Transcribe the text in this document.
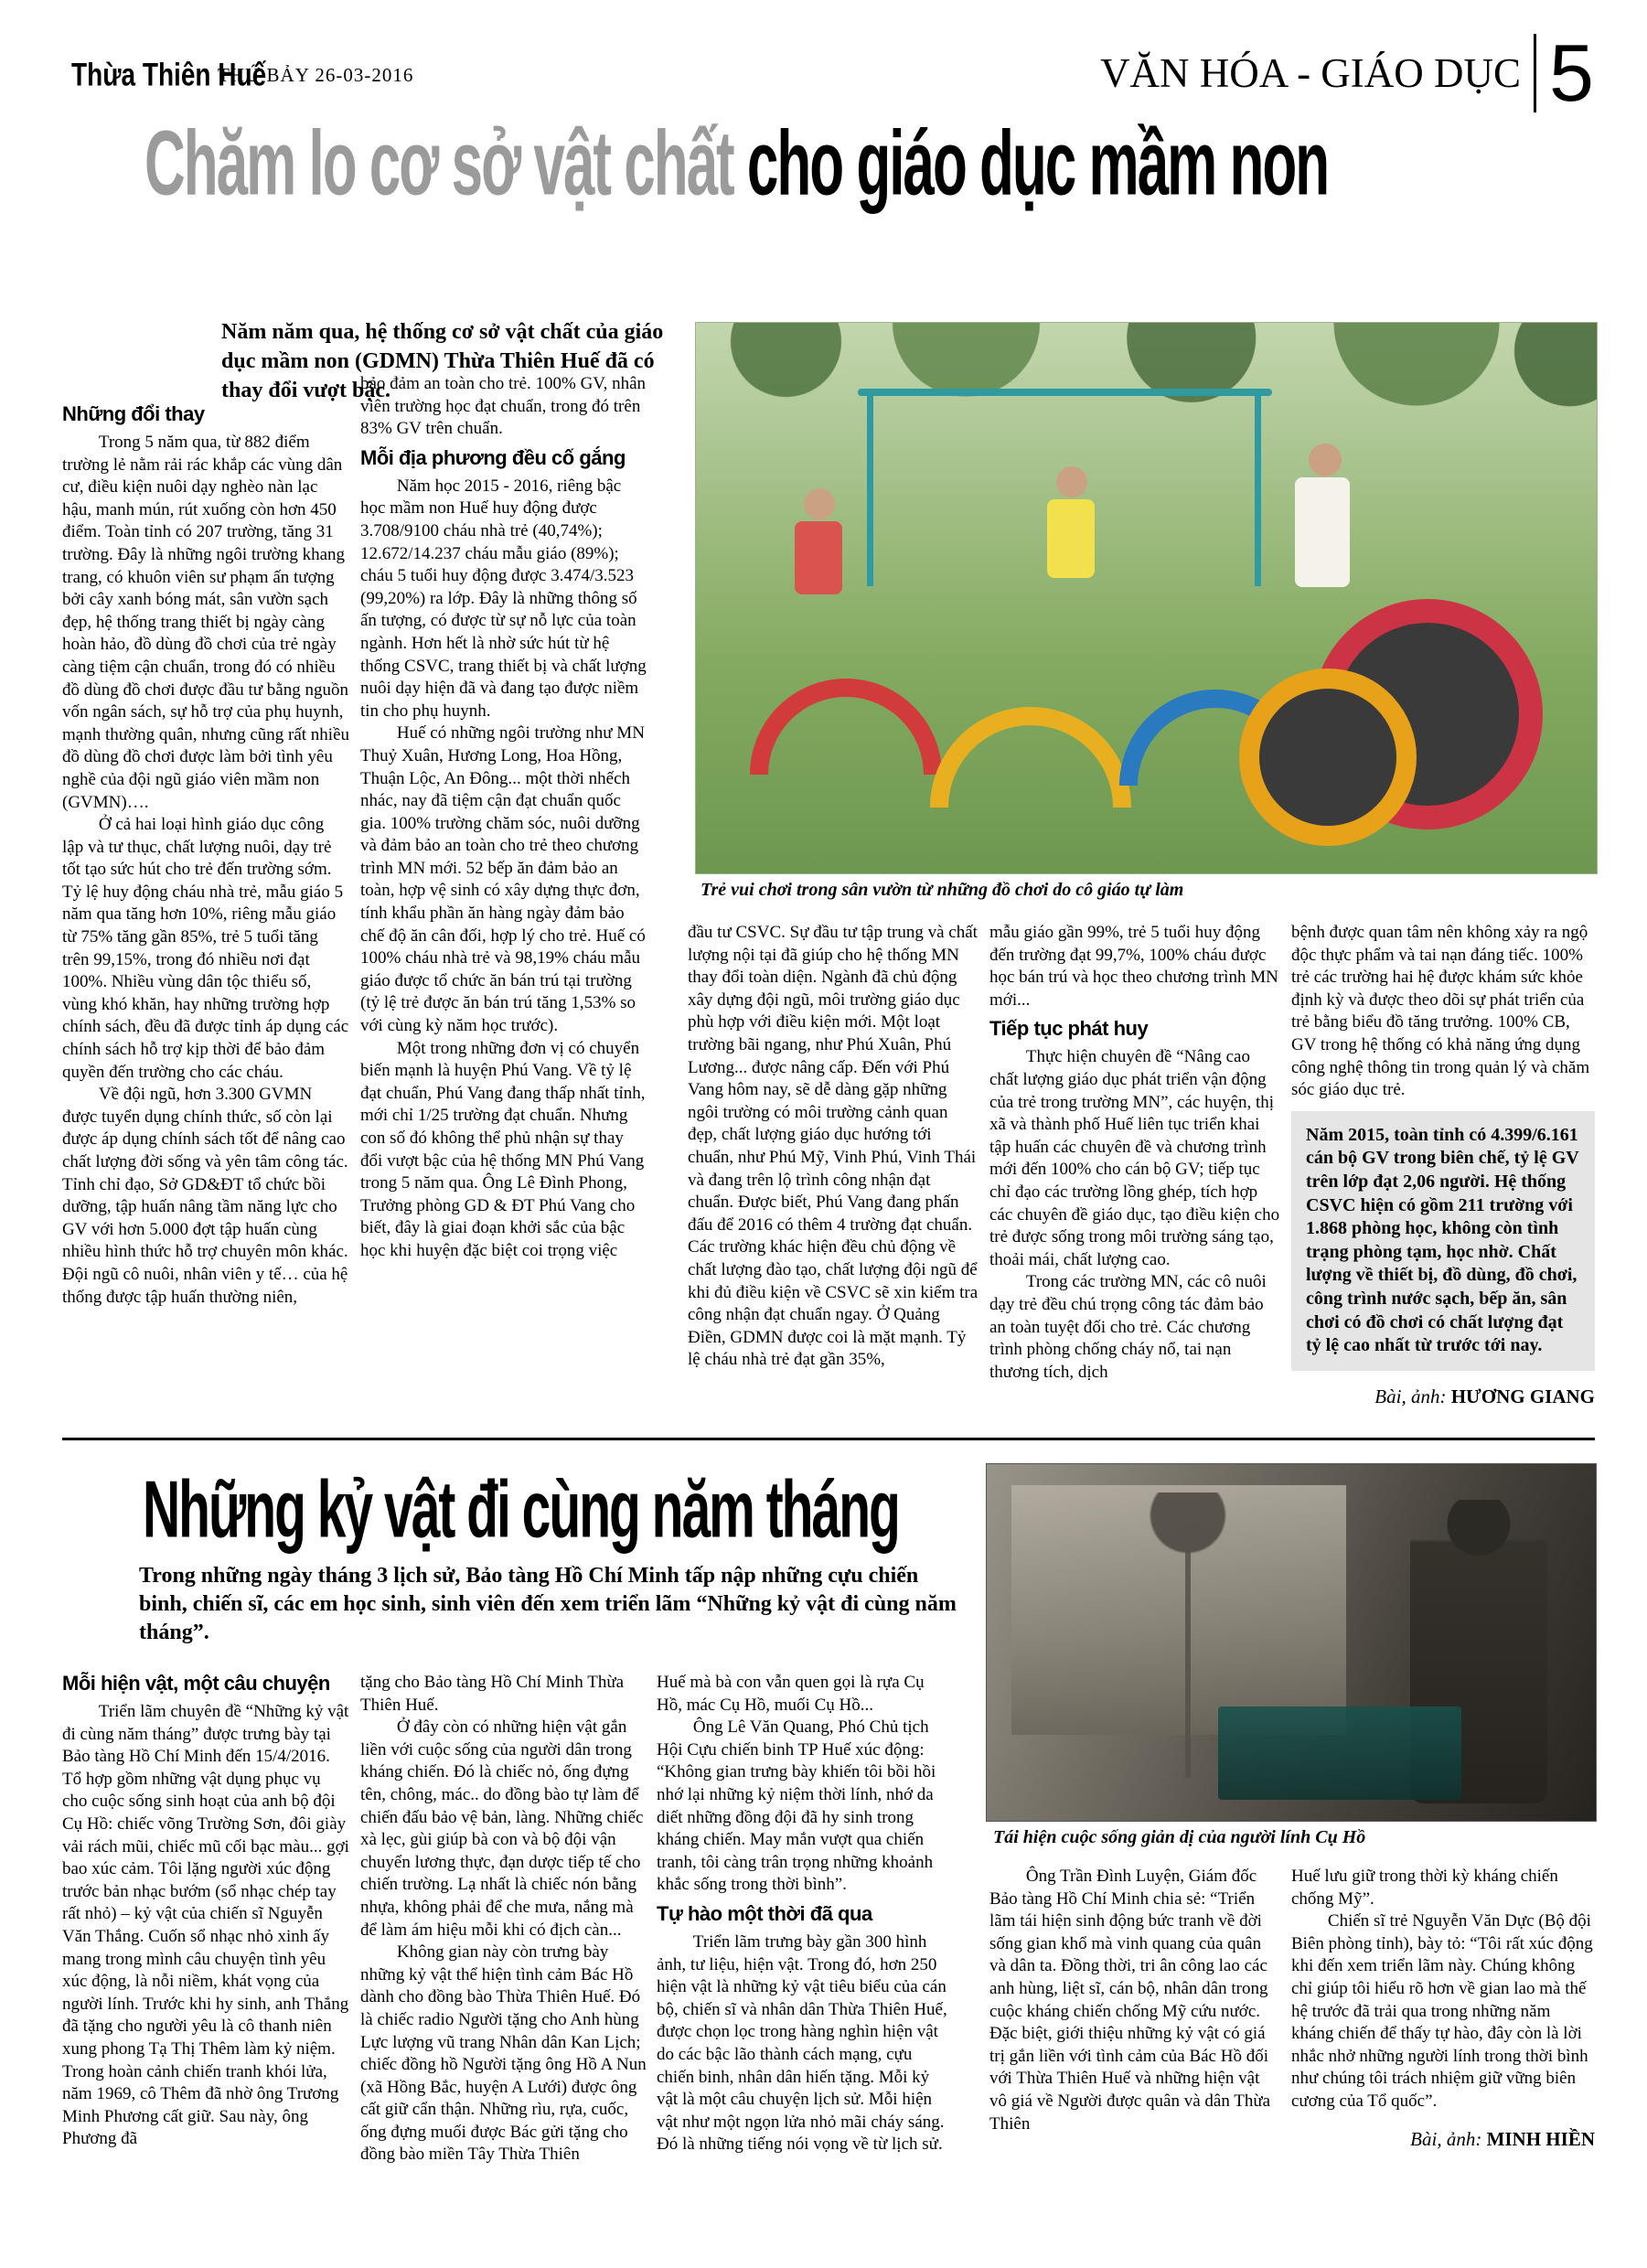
Thừa Thiên Huế
THỨ BẢY 26-03-2016	VĂN HÓA - GIÁO DỤC 5
Chăm lo cơ sở vật chất cho giáo dục mầm non
Năm năm qua, hệ thống cơ sở vật chất của giáo dục mầm non (GDMN) Thừa Thiên Huế đã có thay đổi vượt bậc.
Trẻ vui chơi trong sân vườn từ những đồ chơi do cô giáo tự làm
Những đổi thay

Trong 5 năm qua, từ 882 điểm trường lẻ nằm rải rác khắp các vùng dân cư, điều kiện nuôi dạy nghèo nàn lạc hậu, manh mún, rút xuống còn hơn 450 điểm. Toàn tỉnh có 207 trường, tăng 31 trường. Đây là những ngôi trường khang trang, có khuôn viên sư phạm ấn tượng bởi cây xanh bóng mát, sân vườn sạch đẹp, hệ thống trang thiết bị ngày càng hoàn hảo, đồ dùng đồ chơi của trẻ ngày càng tiệm cận chuẩn, trong đó có nhiều đồ dùng đồ chơi được đầu tư bằng nguồn vốn ngân sách, sự hỗ trợ của phụ huynh, mạnh thường quân, nhưng cũng rất nhiều đồ dùng đồ chơi được làm bởi tình yêu nghề của đội ngũ giáo viên mầm non (GVMN)….

Ở cả hai loại hình giáo dục công lập và tư thục, chất lượng nuôi, dạy trẻ tốt tạo sức hút cho trẻ đến trường sớm. Tỷ lệ huy động cháu nhà trẻ, mẫu giáo 5 năm qua tăng hơn 10%, riêng mẫu giáo từ 75% tăng gần 85%, trẻ 5 tuổi tăng trên 99,15%, trong đó nhiều nơi đạt 100%. Nhiều vùng dân tộc thiểu số, vùng khó khăn, hay những trường hợp chính sách, đều đã được tỉnh áp dụng các chính sách hỗ trợ kịp thời để bảo đảm quyền đến trường cho các cháu.

Về đội ngũ, hơn 3.300 GVMN được tuyển dụng chính thức, số còn lại được áp dụng chính sách tốt để nâng cao chất lượng đời sống và yên tâm công tác. Tỉnh chỉ đạo, Sở GD&ĐT tổ chức bồi dưỡng, tập huấn nâng tầm năng lực cho GV với hơn 5.000 đợt tập huấn cùng nhiều hình thức hỗ trợ chuyên môn khác. Đội ngũ cô nuôi, nhân viên y tế… của hệ thống được tập huấn thường niên,

bảo đảm an toàn cho trẻ. 100% GV, nhân viên trường học đạt chuẩn, trong đó trên 83% GV trên chuẩn.

Mỗi địa phương đều cố gắng

Năm học 2015 - 2016, riêng bậc học mầm non Huế huy động được 3.708/9100 cháu nhà trẻ (40,74%); 12.672/14.237 cháu mẫu giáo (89%); cháu 5 tuổi huy động được 3.474/3.523 (99,20%) ra lớp. Đây là những thông số ấn tượng, có được từ sự nỗ lực của toàn ngành. Hơn hết là nhờ sức hút từ hệ thống CSVC, trang thiết bị và chất lượng nuôi dạy hiện đã và đang tạo được niềm tin cho phụ huynh.

Huế có những ngôi trường như MN Thuỷ Xuân, Hương Long, Hoa Hồng, Thuận Lộc, An Đông... một thời nhếch nhác, nay đã tiệm cận đạt chuẩn quốc gia. 100% trường chăm sóc, nuôi dưỡng và đảm bảo an toàn cho trẻ theo chương trình MN mới. 52 bếp ăn đảm bảo an toàn, hợp vệ sinh có xây dựng thực đơn, tính khẩu phần ăn hàng ngày đảm bảo chế độ ăn cân đối, hợp lý cho trẻ. Huế có 100% cháu nhà trẻ và 98,19% cháu mẫu giáo được tổ chức ăn bán trú tại trường (tỷ lệ trẻ được ăn bán trú tăng 1,53% so với cùng kỳ năm học trước).

Một trong những đơn vị có chuyển biến mạnh là huyện Phú Vang. Về tỷ lệ đạt chuẩn, Phú Vang đang thấp nhất tỉnh, mới chỉ 1/25 trường đạt chuẩn. Nhưng con số đó không thể phủ nhận sự thay đổi vượt bậc của hệ thống MN Phú Vang trong 5 năm qua. Ông Lê Đình Phong, Trưởng phòng GD & ĐT Phú Vang cho biết, đây là giai đoạn khởi sắc của bậc học khi huyện đặc biệt coi trọng việc

đầu tư CSVC. Sự đầu tư tập trung và chất lượng nội tại đã giúp cho hệ thống MN thay đổi toàn diện. Ngành đã chủ động xây dựng đội ngũ, môi trường giáo dục phù hợp với điều kiện mới. Một loạt trường bãi ngang, như Phú Xuân, Phú Lương... được nâng cấp. Đến với Phú Vang hôm nay, sẽ dễ dàng gặp những ngôi trường có môi trường cảnh quan đẹp, chất lượng giáo dục hướng tới chuẩn, như Phú Mỹ, Vinh Phú, Vinh Thái và đang trên lộ trình công nhận đạt chuẩn. Được biết, Phú Vang đang phấn đấu để 2016 có thêm 4 trường đạt chuẩn. Các trường khác hiện đều chủ động về chất lượng đào tạo, chất lượng đội ngũ để khi đủ điều kiện về CSVC sẽ xin kiểm tra công nhận đạt chuẩn ngay. Ở Quảng Điền, GDMN được coi là mặt mạnh. Tỷ lệ cháu nhà trẻ đạt gần 35%,

mẫu giáo gần 99%, trẻ 5 tuổi huy động đến trường đạt 99,7%, 100% cháu được học bán trú và học theo chương trình MN mới...

Tiếp tục phát huy

Thực hiện chuyên đề “Nâng cao chất lượng giáo dục phát triển vận động của trẻ trong trường MN”, các huyện, thị xã và thành phố Huế liên tục triển khai tập huấn các chuyên đề và chương trình mới đến 100% cho cán bộ GV; tiếp tục chỉ đạo các trường lồng ghép, tích hợp các chuyên đề giáo dục, tạo điều kiện cho trẻ được sống trong môi trường sáng tạo, thoải mái, chất lượng cao.

Trong các trường MN, các cô nuôi dạy trẻ đều chú trọng công tác đảm bảo an toàn tuyệt đối cho trẻ. Các chương trình phòng chống cháy nổ, tai nạn thương tích, dịch

bệnh được quan tâm nên không xảy ra ngộ độc thực phẩm và tai nạn đáng tiếc. 100% trẻ các trường hai hệ được khám sức khỏe định kỳ và được theo dõi sự phát triển của trẻ bằng biểu đồ tăng trưởng. 100% CB, GV trong hệ thống có khả năng ứng dụng công nghệ thông tin trong quản lý và chăm sóc giáo dục trẻ.

Năm 2015, toàn tỉnh có 4.399/6.161 cán bộ GV trong biên chế, tỷ lệ GV trên lớp đạt 2,06 người. Hệ thống CSVC hiện có gồm 211 trường với 1.868 phòng học, không còn tình trạng phòng tạm, học nhờ. Chất lượng về thiết bị, đồ dùng, đồ chơi, công trình nước sạch, bếp ăn, sân chơi có đồ chơi có chất lượng đạt tỷ lệ cao nhất từ trước tới nay.
Bài, ảnh: HƯƠNG GIANG
Những kỷ vật đi cùng năm tháng
Trong những ngày tháng 3 lịch sử, Bảo tàng Hồ Chí Minh tấp nập những cựu chiến binh, chiến sĩ, các em học sinh, sinh viên đến xem triển lãm “Những kỷ vật đi cùng năm tháng”.
Tái hiện cuộc sống giản dị của người lính Cụ Hồ
Mỗi hiện vật, một câu chuyện

Triển lãm chuyên đề “Những kỷ vật đi cùng năm tháng” được trưng bày tại Bảo tàng Hồ Chí Minh đến 15/4/2016. Tổ hợp gồm những vật dụng phục vụ cho cuộc sống sinh hoạt của anh bộ đội Cụ Hồ: chiếc võng Trường Sơn, đôi giày vải rách mũi, chiếc mũ cối bạc màu... gợi bao xúc cảm. Tôi lặng người xúc động trước bản nhạc bướm (sổ nhạc chép tay rất nhỏ) – kỷ vật của chiến sĩ Nguyễn Văn Thắng. Cuốn sổ nhạc nhỏ xinh ấy mang trong mình câu chuyện tình yêu xúc động, là nỗi niềm, khát vọng của người lính. Trước khi hy sinh, anh Thắng đã tặng cho người yêu là cô thanh niên xung phong Tạ Thị Thêm làm kỷ niệm. Trong hoàn cảnh chiến tranh khói lửa, năm 1969, cô Thêm đã nhờ ông Trương Minh Phương cất giữ. Sau này, ông Phương đã

tặng cho Bảo tàng Hồ Chí Minh Thừa Thiên Huế.

Ở đây còn có những hiện vật gắn liền với cuộc sống của người dân trong kháng chiến. Đó là chiếc nỏ, ống đựng tên, chông, mác.. do đồng bào tự làm để chiến đấu bảo vệ bản, làng. Những chiếc xà lẹc, gùi giúp bà con và bộ đội vận chuyển lương thực, đạn dược tiếp tế cho chiến trường. Lạ nhất là chiếc nón bằng nhựa, không phải để che mưa, nắng mà để làm ám hiệu mỗi khi có địch càn...

Không gian này còn trưng bày những kỷ vật thể hiện tình cảm Bác Hồ dành cho đồng bào Thừa Thiên Huế. Đó là chiếc radio Người tặng cho Anh hùng Lực lượng vũ trang Nhân dân Kan Lịch; chiếc đồng hồ Người tặng ông Hồ A Nun (xã Hồng Bắc, huyện A Lưới) được ông cất giữ cẩn thận. Những rìu, rựa, cuốc, ống đựng muối được Bác gửi tặng cho đồng bào miền Tây Thừa Thiên

Huế mà bà con vẫn quen gọi là rựa Cụ Hồ, mác Cụ Hồ, muối Cụ Hồ...

Ông Lê Văn Quang, Phó Chủ tịch Hội Cựu chiến binh TP Huế xúc động: “Không gian trưng bày khiến tôi bồi hồi nhớ lại những kỷ niệm thời lính, nhớ da diết những đồng đội đã hy sinh trong kháng chiến. May mắn vượt qua chiến tranh, tôi càng trân trọng những khoảnh khắc sống trong thời bình”.

Tự hào một thời đã qua

Triển lãm trưng bày gần 300 hình ảnh, tư liệu, hiện vật. Trong đó, hơn 250 hiện vật là những kỷ vật tiêu biểu của cán bộ, chiến sĩ và nhân dân Thừa Thiên Huế, được chọn lọc trong hàng nghìn hiện vật do các bậc lão thành cách mạng, cựu chiến binh, nhân dân hiến tặng. Mỗi kỷ vật là một câu chuyện lịch sử. Mỗi hiện vật như một ngọn lửa nhỏ mãi cháy sáng. Đó là những tiếng nói vọng về từ lịch sử.

Ông Trần Đình Luyện, Giám đốc Bảo tàng Hồ Chí Minh chia sẻ: “Triển lãm tái hiện sinh động bức tranh về đời sống gian khổ mà vinh quang của quân và dân ta. Đồng thời, tri ân công lao các anh hùng, liệt sĩ, cán bộ, nhân dân trong cuộc kháng chiến chống Mỹ cứu nước. Đặc biệt, giới thiệu những kỷ vật có giá trị gắn liền với tình cảm của Bác Hồ đối với Thừa Thiên Huế và những hiện vật vô giá về Người được quân và dân Thừa Thiên

Huế lưu giữ trong thời kỳ kháng chiến chống Mỹ”.

Chiến sĩ trẻ Nguyễn Văn Dực (Bộ đội Biên phòng tỉnh), bày tỏ: “Tôi rất xúc động khi đến xem triển lãm này. Chúng không chỉ giúp tôi hiểu rõ hơn về gian lao mà thế hệ trước đã trải qua trong những năm kháng chiến để thấy tự hào, đây còn là lời nhắc nhở những người lính trong thời bình như chúng tôi trách nhiệm giữ vững biên cương của Tổ quốc”.

Bài, ảnh: MINH HIỀN
